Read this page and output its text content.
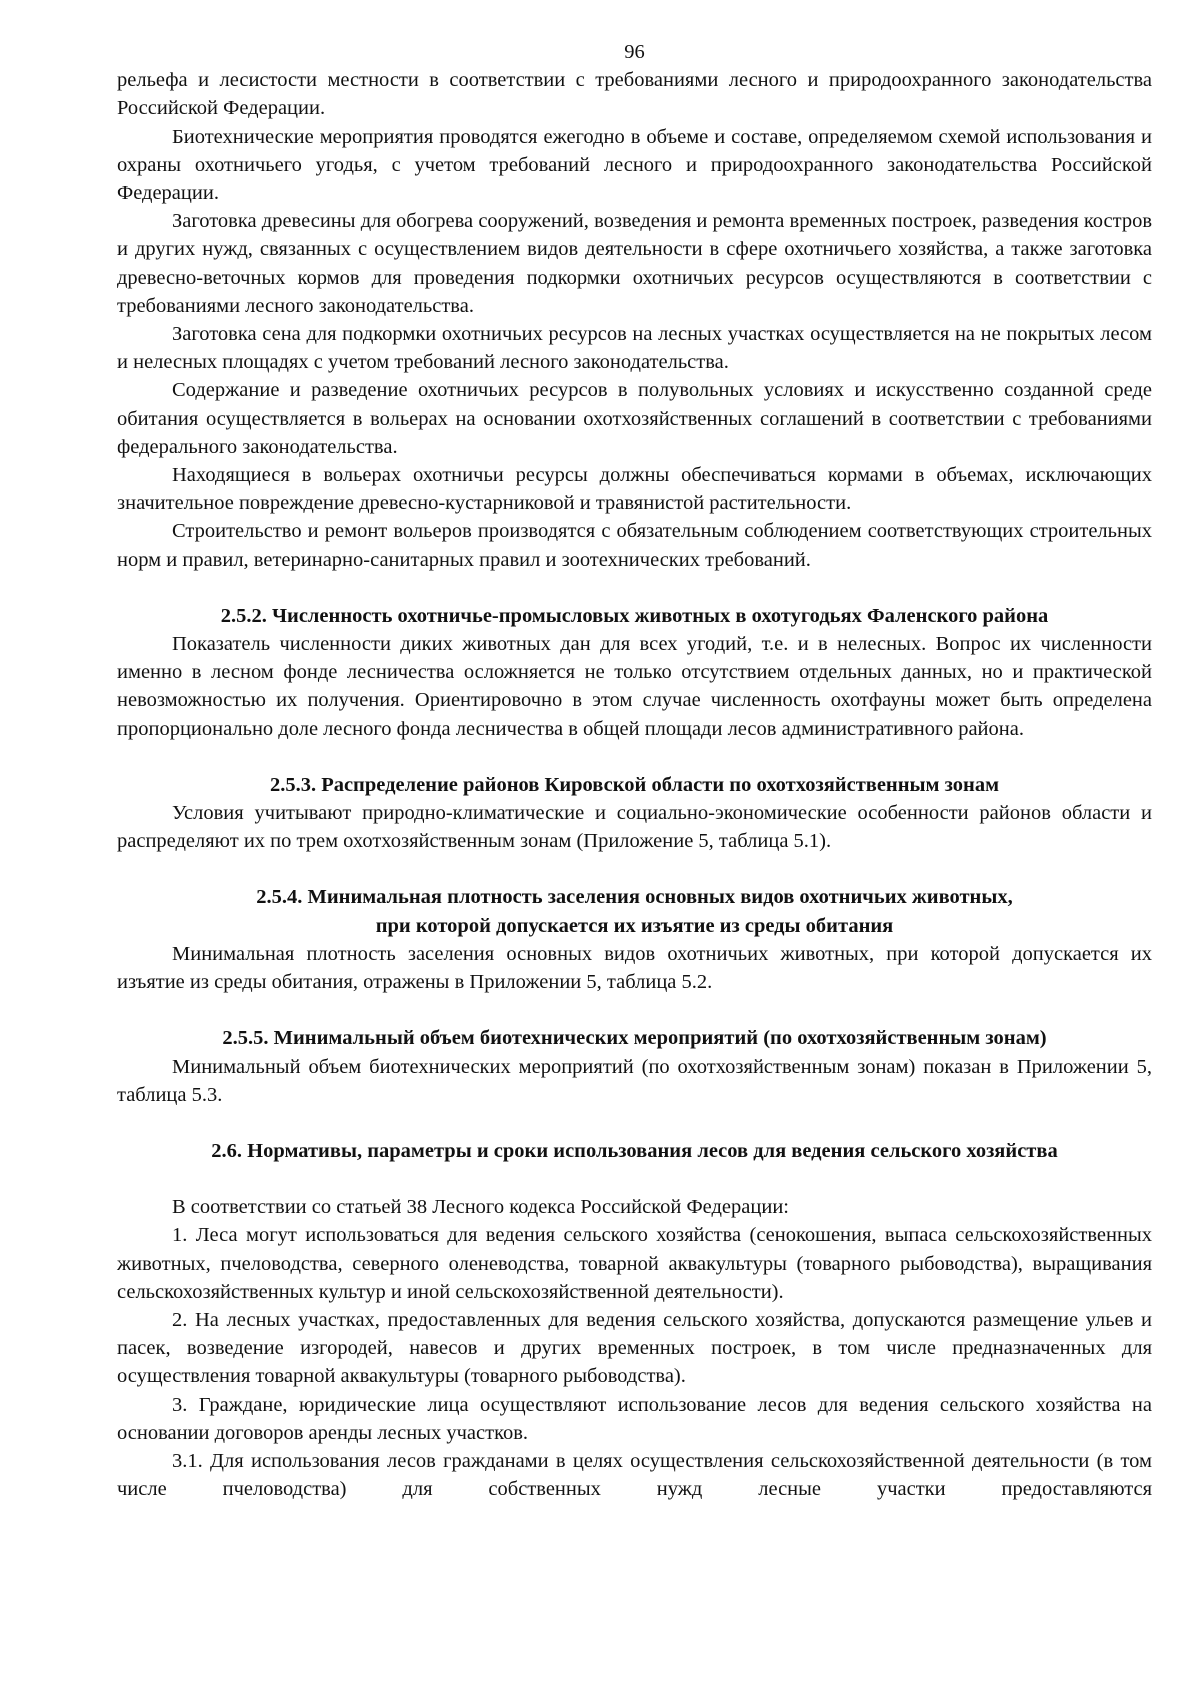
96

рельефа и лесистости местности в соответствии с требованиями лесного и природоохранного законодательства Российской Федерации.

Биотехнические мероприятия проводятся ежегодно в объеме и составе, определяемом схемой использования и охраны охотничьего угодья, с учетом требований лесного и природоохранного законодательства Российской Федерации.

Заготовка древесины для обогрева сооружений, возведения и ремонта временных построек, разведения костров и других нужд, связанных с осуществлением видов деятельности в сфере охотничьего хозяйства, а также заготовка древесно-веточных кормов для проведения подкормки охотничьих ресурсов осуществляются в соответствии с требованиями лесного законодательства.

Заготовка сена для подкормки охотничьих ресурсов на лесных участках осуществляется на не покрытых лесом и нелесных площадях с учетом требований лесного законодательства.

Содержание и разведение охотничьих ресурсов в полувольных условиях и искусственно созданной среде обитания осуществляется в вольерах на основании охотхозяйственных соглашений в соответствии с требованиями федерального законодательства.

Находящиеся в вольерах охотничьи ресурсы должны обеспечиваться кормами в объемах, исключающих значительное повреждение древесно-кустарниковой и травянистой растительности.

Строительство и ремонт вольеров производятся с обязательным соблюдением соответствующих строительных норм и правил, ветеринарно-санитарных правил и зоотехнических требований.

2.5.2. Численность охотничье-промысловых животных в охотугодьях Фаленского района

Показатель численности диких животных дан для всех угодий, т.е. и в нелесных. Вопрос их численности именно в лесном фонде лесничества осложняется не только отсутствием отдельных данных, но и практической невозможностью их получения. Ориентировочно в этом случае численность охотфауны может быть определена пропорционально доле лесного фонда лесничества в общей площади лесов административного района.

2.5.3. Распределение районов Кировской области по охотхозяйственным зонам

Условия учитывают природно-климатические и социально-экономические особенности районов области и распределяют их по трем охотхозяйственным зонам (Приложение 5, таблица 5.1).

2.5.4. Минимальная плотность заселения основных видов охотничьих животных,
при которой допускается их изъятие из среды обитания

Минимальная плотность заселения основных видов охотничьих животных, при которой допускается их изъятие из среды обитания, отражены в Приложении 5, таблица 5.2.

2.5.5. Минимальный объем биотехнических мероприятий (по охотхозяйственным зонам)

Минимальный объем биотехнических мероприятий (по охотхозяйственным зонам) показан в Приложении 5, таблица 5.3.

2.6. Нормативы, параметры и сроки использования лесов для ведения сельского хозяйства

В соответствии со статьей 38 Лесного кодекса Российской Федерации:

1. Леса могут использоваться для ведения сельского хозяйства (сенокошения, выпаса сельскохозяйственных животных, пчеловодства, северного оленеводства, товарной аквакультуры (товарного рыбоводства), выращивания сельскохозяйственных культур и иной сельскохозяйственной деятельности).

2. На лесных участках, предоставленных для ведения сельского хозяйства, допускаются размещение ульев и пасек, возведение изгородей, навесов и других временных построек, в том числе предназначенных для осуществления товарной аквакультуры (товарного рыбоводства).

3. Граждане, юридические лица осуществляют использование лесов для ведения сельского хозяйства на основании договоров аренды лесных участков.

3.1. Для использования лесов гражданами в целях осуществления сельскохозяйственной деятельности (в том числе пчеловодства) для собственных нужд лесные участки предоставляются
